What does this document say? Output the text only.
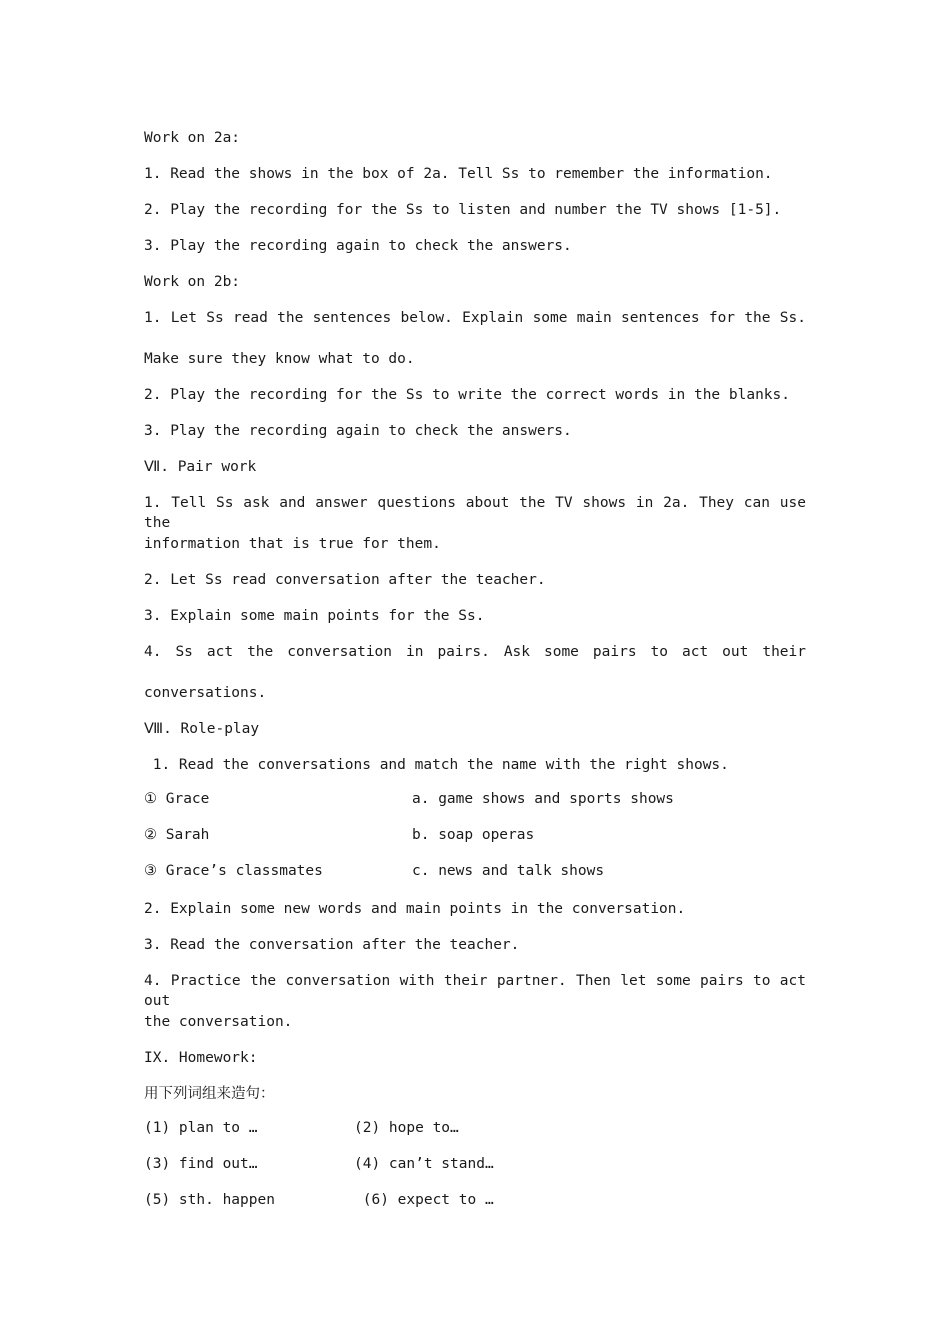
Work on 2a:
1. Read the shows in the box of 2a. Tell Ss to remember the information.
2. Play the recording for the Ss to listen and number the TV shows [1-5].
3. Play the recording again to check the answers.
Work on 2b:
1. Let Ss read the sentences below. Explain some main sentences for the Ss.
Make sure they know what to do.
2. Play the recording for the Ss to write the correct words in the blanks.
3. Play the recording again to check the answers.
Ⅶ. Pair work
1. Tell Ss ask and answer questions about the TV shows in 2a. They can use the
information that is true for them.
2. Let Ss read conversation after the teacher.
3. Explain some main points for the Ss.
4. Ss act the conversation in pairs. Ask some pairs to act out their
conversations.
Ⅷ. Role-play
1. Read the conversations and match the name with the right shows.
① Grace	a. game shows and sports shows
② Sarah	b. soap operas
③ Grace’s classmates	c. news and talk shows
2. Explain some new words and main points in the conversation.
3. Read the conversation after the teacher.
4. Practice the conversation with their partner. Then let some pairs to act out
the conversation.
IX. Homework:
用下列词组来造句：
(1) plan to …	(2) hope to…
(3) find out…	(4) can’t stand…
(5) sth. happen	(6) expect to …
